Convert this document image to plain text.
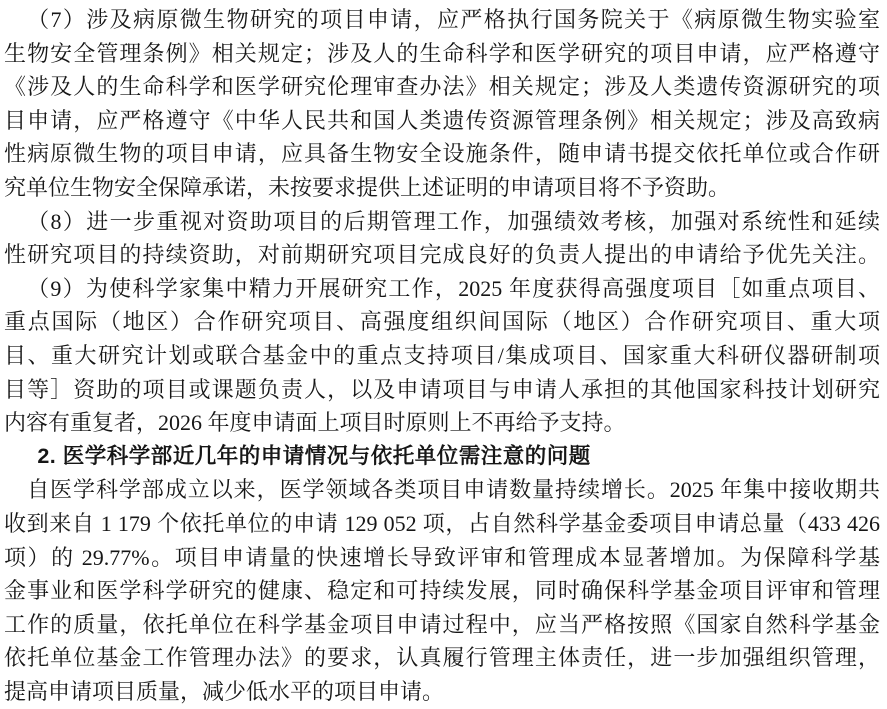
（7）涉及病原微生物研究的项目申请，应严格执行国务院关于《病原微生物实验室
生物安全管理条例》相关规定；涉及人的生命科学和医学研究的项目申请，应严格遵守
《涉及人的生命科学和医学研究伦理审查办法》相关规定；涉及人类遗传资源研究的项
目申请，应严格遵守《中华人民共和国人类遗传资源管理条例》相关规定；涉及高致病
性病原微生物的项目申请，应具备生物安全设施条件，随申请书提交依托单位或合作研
究单位生物安全保障承诺，未按要求提供上述证明的申请项目将不予资助。
（8）进一步重视对资助项目的后期管理工作，加强绩效考核，加强对系统性和延续
性研究项目的持续资助，对前期研究项目完成良好的负责人提出的申请给予优先关注。
（9）为使科学家集中精力开展研究工作，2025 年度获得高强度项目［如重点项目、
重点国际（地区）合作研究项目、高强度组织间国际（地区）合作研究项目、重大项
目、重大研究计划或联合基金中的重点支持项目/集成项目、国家重大科研仪器研制项
目等］资助的项目或课题负责人，以及申请项目与申请人承担的其他国家科技计划研究
内容有重复者，2026 年度申请面上项目时原则上不再给予支持。
2. 医学科学部近几年的申请情况与依托单位需注意的问题
自医学科学部成立以来，医学领域各类项目申请数量持续增长。2025 年集中接收期共
收到来自 1 179 个依托单位的申请 129 052 项，占自然科学基金委项目申请总量（433 426
项）的 29.77%。项目申请量的快速增长导致评审和管理成本显著增加。为保障科学基
金事业和医学科学研究的健康、稳定和可持续发展，同时确保科学基金项目评审和管理
工作的质量，依托单位在科学基金项目申请过程中，应当严格按照《国家自然科学基金
依托单位基金工作管理办法》的要求，认真履行管理主体责任，进一步加强组织管理，
提高申请项目质量，减少低水平的项目申请。
